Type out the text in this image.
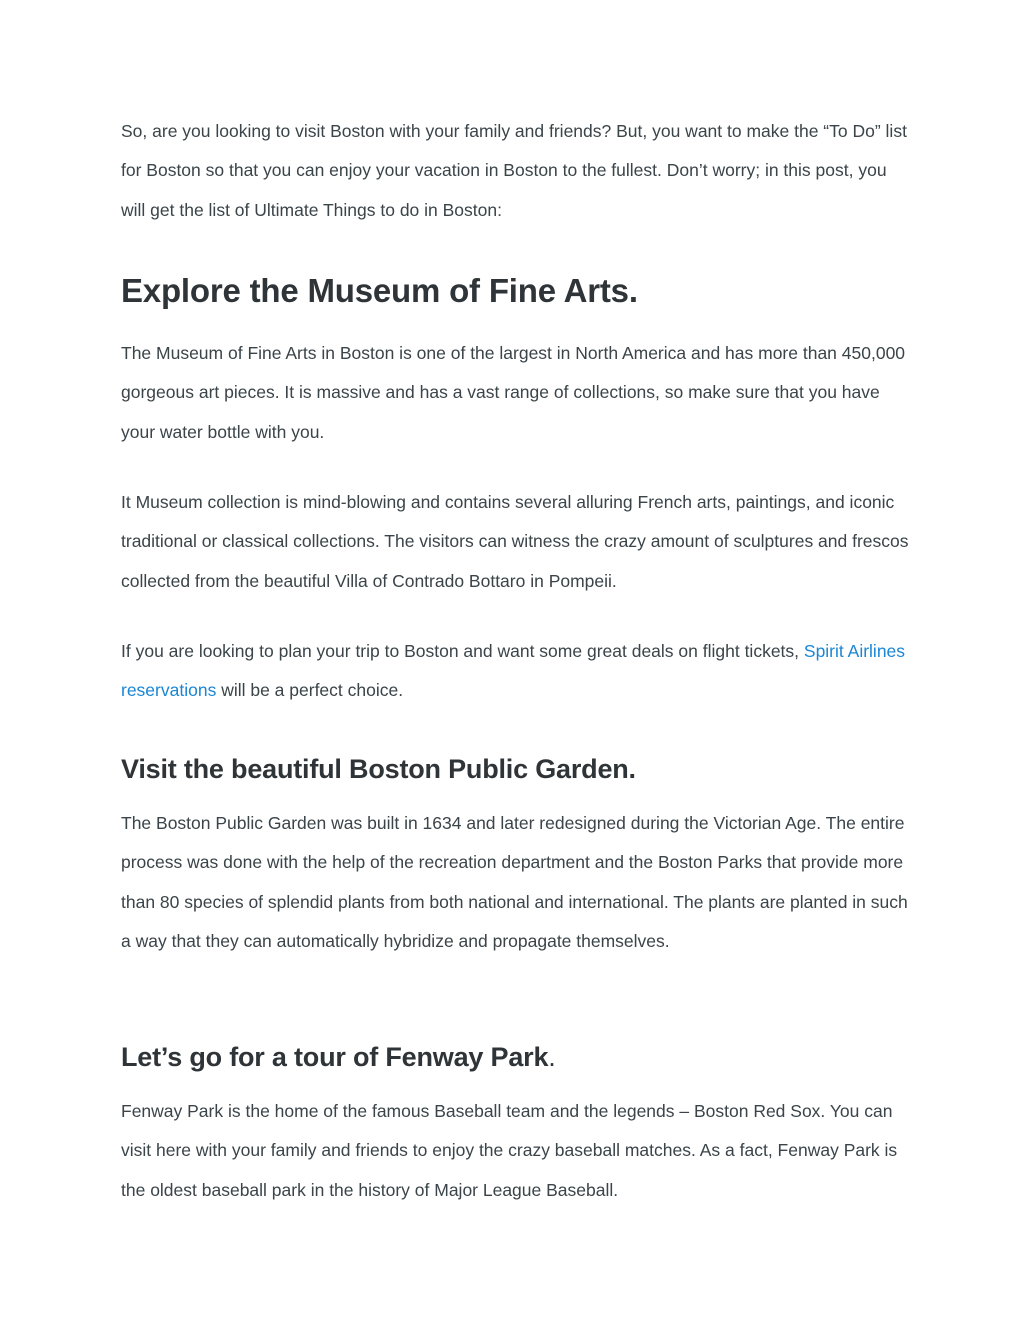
So, are you looking to visit Boston with your family and friends? But, you want to make the “To Do” list for Boston so that you can enjoy your vacation in Boston to the fullest. Don’t worry; in this post, you will get the list of Ultimate Things to do in Boston:

Explore the Museum of Fine Arts.

The Museum of Fine Arts in Boston is one of the largest in North America and has more than 450,000 gorgeous art pieces. It is massive and has a vast range of collections, so make sure that you have your water bottle with you.

It Museum collection is mind-blowing and contains several alluring French arts, paintings, and iconic traditional or classical collections. The visitors can witness the crazy amount of sculptures and frescos collected from the beautiful Villa of Contrado Bottaro in Pompeii.

If you are looking to plan your trip to Boston and want some great deals on flight tickets, Spirit Airlines reservations will be a perfect choice.

Visit the beautiful Boston Public Garden.

The Boston Public Garden was built in 1634 and later redesigned during the Victorian Age. The entire process was done with the help of the recreation department and the Boston Parks that provide more than 80 species of splendid plants from both national and international. The plants are planted in such a way that they can automatically hybridize and propagate themselves.

Let’s go for a tour of Fenway Park.

Fenway Park is the home of the famous Baseball team and the legends – Boston Red Sox. You can visit here with your family and friends to enjoy the crazy baseball matches. As a fact, Fenway Park is the oldest baseball park in the history of Major League Baseball.
